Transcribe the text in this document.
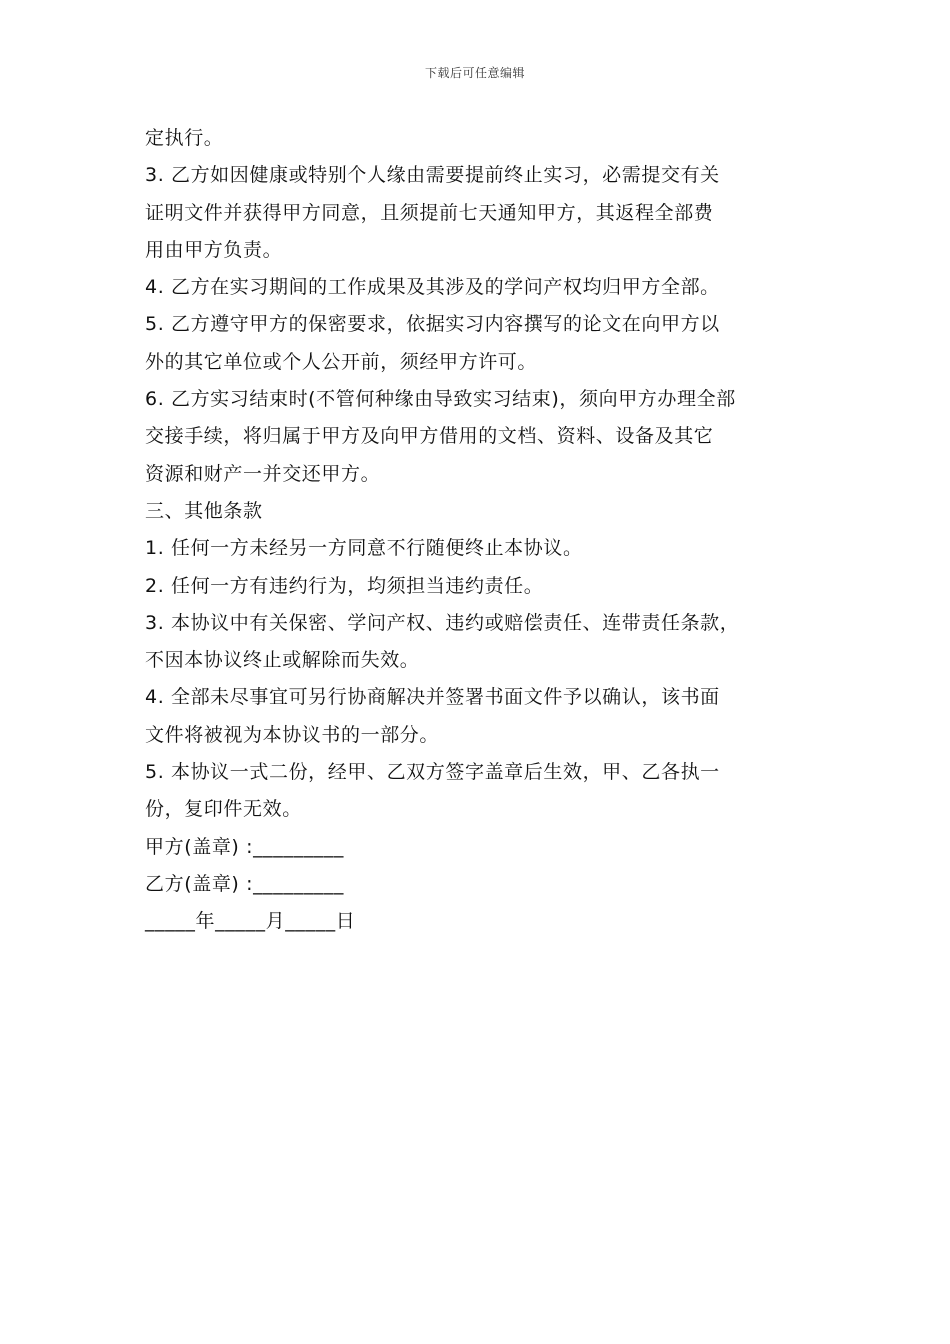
下载后可任意编辑
定执行。
3. 乙方如因健康或特别个人缘由需要提前终止实习，必需提交有关
证明文件并获得甲方同意，且须提前七天通知甲方，其返程全部费
用由甲方负责。
4. 乙方在实习期间的工作成果及其涉及的学问产权均归甲方全部。
5. 乙方遵守甲方的保密要求，依据实习内容撰写的论文在向甲方以
外的其它单位或个人公开前，须经甲方许可。
6. 乙方实习结束时(不管何种缘由导致实习结束)，须向甲方办理全部
交接手续，将归属于甲方及向甲方借用的文档、资料、设备及其它
资源和财产一并交还甲方。
三、其他条款
1. 任何一方未经另一方同意不行随便终止本协议。
2. 任何一方有违约行为，均须担当违约责任。
3. 本协议中有关保密、学问产权、违约或赔偿责任、连带责任条款，
不因本协议终止或解除而失效。
4. 全部未尽事宜可另行协商解决并签署书面文件予以确认，该书面
文件将被视为本协议书的一部分。
5. 本协议一式二份，经甲、乙双方签字盖章后生效，甲、乙各执一
份，复印件无效。
甲方(盖章) :_________
乙方(盖章) :_________
_____年_____月_____日
